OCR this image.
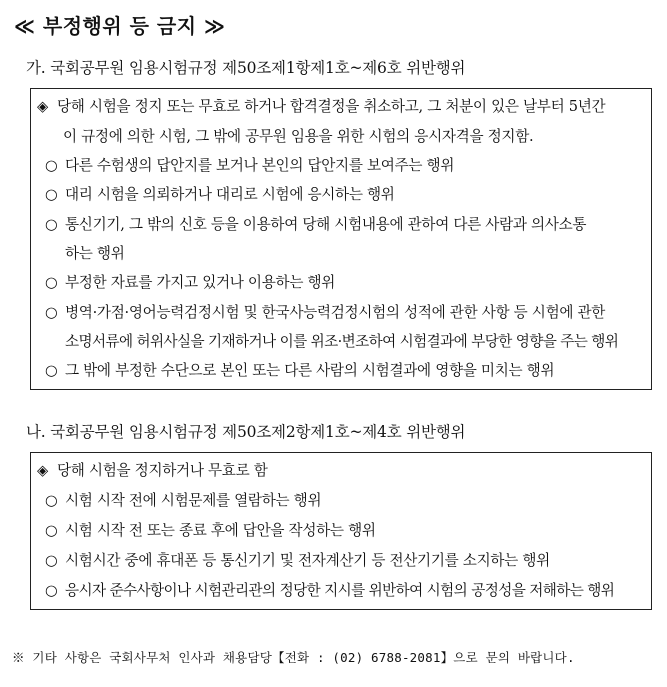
≪ 부정행위 등 금지 ≫
가. 국회공무원 임용시험규정 제50조제1항제1호~제6호 위반행위
◈ 당해 시험을 정지 또는 무효로 하거나 합격결정을 취소하고, 그 처분이 있은 날부터 5년간
이 규정에 의한 시험, 그 밖에 공무원 임용을 위한 시험의 응시자격을 정지함.
○ 다른 수험생의 답안지를 보거나 본인의 답안지를 보여주는 행위
○ 대리 시험을 의뢰하거나 대리로 시험에 응시하는 행위
○ 통신기기, 그 밖의 신호 등을 이용하여 당해 시험내용에 관하여 다른 사람과 의사소통
하는 행위
○ 부정한 자료를 가지고 있거나 이용하는 행위
○ 병역·가점·영어능력검정시험 및 한국사능력검정시험의 성적에 관한 사항 등 시험에 관한
소명서류에 허위사실을 기재하거나 이를 위조·변조하여 시험결과에 부당한 영향을 주는 행위
○ 그 밖에 부정한 수단으로 본인 또는 다른 사람의 시험결과에 영향을 미치는 행위
나. 국회공무원 임용시험규정 제50조제2항제1호~제4호 위반행위
◈ 당해 시험을 정지하거나 무효로 함
○ 시험 시작 전에 시험문제를 열람하는 행위
○ 시험 시작 전 또는 종료 후에 답안을 작성하는 행위
○ 시험시간 중에 휴대폰 등 통신기기 및 전자계산기 등 전산기기를 소지하는 행위
○ 응시자 준수사항이나 시험관리관의 정당한 지시를 위반하여 시험의 공정성을 저해하는 행위
※ 기타 사항은 국회사무처 인사과 채용담당【전화 : (02) 6788-2081】으로 문의 바랍니다.
